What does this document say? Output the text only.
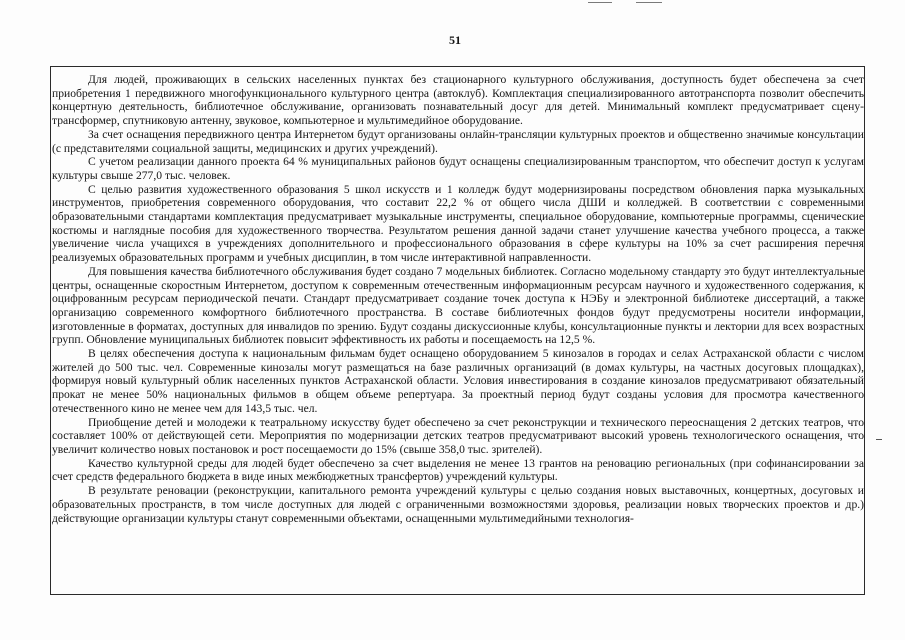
51

Для людей, проживающих в сельских населенных пунктах без стационарного культурного обслуживания, доступность будет обеспечена за счет приобретения 1 передвижного многофункционального культурного центра (автоклуб). Комплектация специализированного автотранспорта позволит обеспечить концертную деятельность, библиотечное обслуживание, организовать познавательный досуг для детей. Минимальный комплект предусматривает сцену-трансформер, спутниковую антенну, звуковое, компьютерное и мультимедийное оборудование.

За счет оснащения передвижного центра Интернетом будут организованы онлайн-трансляции культурных проектов и общественно значимые консультации (с представителями социальной защиты, медицинских и других учреждений).

С учетом реализации данного проекта 64 % муниципальных районов будут оснащены специализированным транспортом, что обеспечит доступ к услугам культуры свыше 277,0 тыс. человек.

С целью развития художественного образования 5 школ искусств и 1 колледж будут модернизированы посредством обновления парка музыкальных инструментов, приобретения современного оборудования, что составит 22,2 % от общего числа ДШИ и колледжей. В соответствии с современными образовательными стандартами комплектация предусматривает музыкальные инструменты, специальное оборудование, компьютерные программы, сценические костюмы и наглядные пособия для художественного творчества. Результатом решения данной задачи станет улучшение качества учебного процесса, а также увеличение числа учащихся в учреждениях дополнительного и профессионального образования в сфере культуры на 10% за счет расширения перечня реализуемых образовательных программ и учебных дисциплин, в том числе интерактивной направленности.

Для повышения качества библиотечного обслуживания будет создано 7 модельных библиотек. Согласно модельному стандарту это будут интеллектуальные центры, оснащенные скоростным Интернетом, доступом к современным отечественным информационным ресурсам научного и художественного содержания, к оцифрованным ресурсам периодической печати. Стандарт предусматривает создание точек доступа к НЭБу и электронной библиотеке диссертаций, а также организацию современного комфортного библиотечного пространства. В составе библиотечных фондов будут предусмотрены носители информации, изготовленные в форматах, доступных для инвалидов по зрению. Будут созданы дискуссионные клубы, консультационные пункты и лектории для всех возрастных групп. Обновление муниципальных библиотек повысит эффективность их работы и посещаемость на 12,5 %.

В целях обеспечения доступа к национальным фильмам будет оснащено оборудованием 5 кинозалов в городах и селах Астраханской области с числом жителей до 500 тыс. чел. Современные кинозалы могут размещаться на базе различных организаций (в домах культуры, на частных досуговых площадках), формируя новый культурный облик населенных пунктов Астраханской области. Условия инвестирования в создание кинозалов предусматривают обязательный прокат не менее 50% национальных фильмов в общем объеме репертуара. За проектный период будут созданы условия для просмотра качественного отечественного кино не менее чем для 143,5 тыс. чел.

Приобщение детей и молодежи к театральному искусству будет обеспечено за счет реконструкции и технического переоснащения 2 детских театров, что составляет 100% от действующей сети. Мероприятия по модернизации детских театров предусматривают высокий уровень технологического оснащения, что увеличит количество новых постановок и рост посещаемости до 15% (свыше 358,0 тыс. зрителей).

Качество культурной среды для людей будет обеспечено за счет выделения не менее 13 грантов на реновацию региональных (при софинансировании за счет средств федерального бюджета в виде иных межбюджетных трансфертов) учреждений культуры.

В результате реновации (реконструкции, капитального ремонта учреждений культуры с целью создания новых выставочных, концертных, досуговых и образовательных пространств, в том числе доступных для людей с ограниченными возможностями здоровья, реализации новых творческих проектов и др.) действующие организации культуры станут современными объектами, оснащенными мультимедийными технология-
